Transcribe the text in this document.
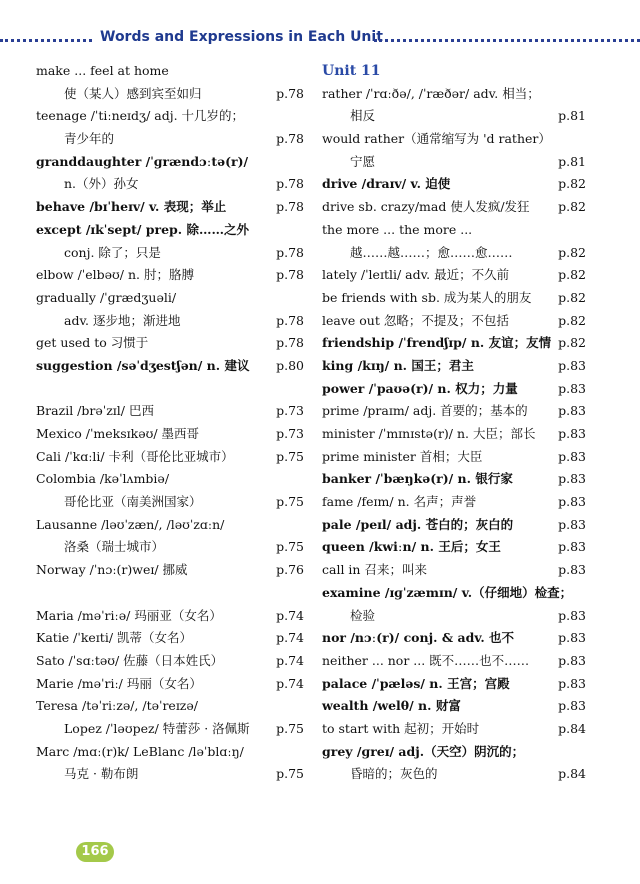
Words and Expressions in Each Unit
make ... feel at home
使（某人）感到宾至如归	p.78
teenage /ˈtiːneɪdʒ/ adj. 十几岁的；
青少年的	p.78
granddaughter /ˈɡrændɔːtə(r)/
n.（外）孙女	p.78
behave /bɪˈheɪv/ v. 表现；举止	p.78
except /ɪkˈsept/ prep. 除……之外
conj. 除了；只是	p.78
elbow /ˈelbəʊ/ n. 肘；胳膊	p.78
gradually /ˈɡrædʒuəli/
adv. 逐步地；渐进地	p.78
get used to 习惯于	p.78
suggestion /səˈdʒestʃən/ n. 建议 p.80
Brazil /brəˈzɪl/ 巴西	p.73
Mexico /ˈmeksɪkəʊ/ 墨西哥	p.73
Cali /ˈkɑːli/ 卡利（哥伦比亚城市）	p.75
Colombia /kəˈlʌmbiə/
哥伦比亚（南美洲国家）	p.75
Lausanne /ləʊˈzæn/, /ləʊˈzɑːn/
洛桑（瑞士城市）	p.75
Norway /ˈnɔː(r)weɪ/ 挪威	p.76
Maria /məˈriːə/ 玛丽亚（女名）	p.74
Katie /ˈkeɪti/ 凯蒂（女名）	p.74
Sato /ˈsɑːtəʊ/ 佐藤（日本姓氏）	p.74
Marie /məˈriː/ 玛丽（女名）	p.74
Teresa /təˈriːzə/, /təˈreɪzə/
Lopez /ˈləʊpez/ 特蕾莎 · 洛佩斯 p.75
Marc /mɑː(r)k/ LeBlanc /ləˈblɑːŋ/
马克 · 勒布朗	p.75
Unit 11
rather /ˈrɑːðə/, /ˈræðər/ adv. 相当；
相反	p.81
would rather（通常缩写为 'd rather）
宁愿	p.81
drive /draɪv/ v. 迫使	p.82
drive sb. crazy/mad 使人发疯/发狂 p.82
the more ... the more ...
越……越……；愈……愈……	p.82
lately /ˈleɪtli/ adv. 最近；不久前	p.82
be friends with sb. 成为某人的朋友 p.82
leave out 忽略；不提及；不包括	p.82
friendship /ˈfrendʃɪp/ n. 友谊；友情 p.82
king /kɪŋ/ n. 国王；君主	p.83
power /ˈpaʊə(r)/ n. 权力；力量	p.83
prime /praɪm/ adj. 首要的；基本的 p.83
minister /ˈmɪnɪstə(r)/ n. 大臣；部长 p.83
prime minister 首相；大臣	p.83
banker /ˈbæŋkə(r)/ n. 银行家	p.83
fame /feɪm/ n. 名声；声誉	p.83
pale /peɪl/ adj. 苍白的；灰白的	p.83
queen /kwiːn/ n. 王后；女王	p.83
call in 召来；叫来	p.83
examine /ɪɡˈzæmɪn/ v.（仔细地）检查；
检验	p.83
nor /nɔː(r)/ conj. & adv. 也不	p.83
neither ... nor ... 既不……也不…… p.83
palace /ˈpæləs/ n. 王宫；宫殿	p.83
wealth /welθ/ n. 财富	p.83
to start with 起初；开始时	p.84
grey /ɡreɪ/ adj.（天空）阴沉的；
昏暗的；灰色的	p.84
166
